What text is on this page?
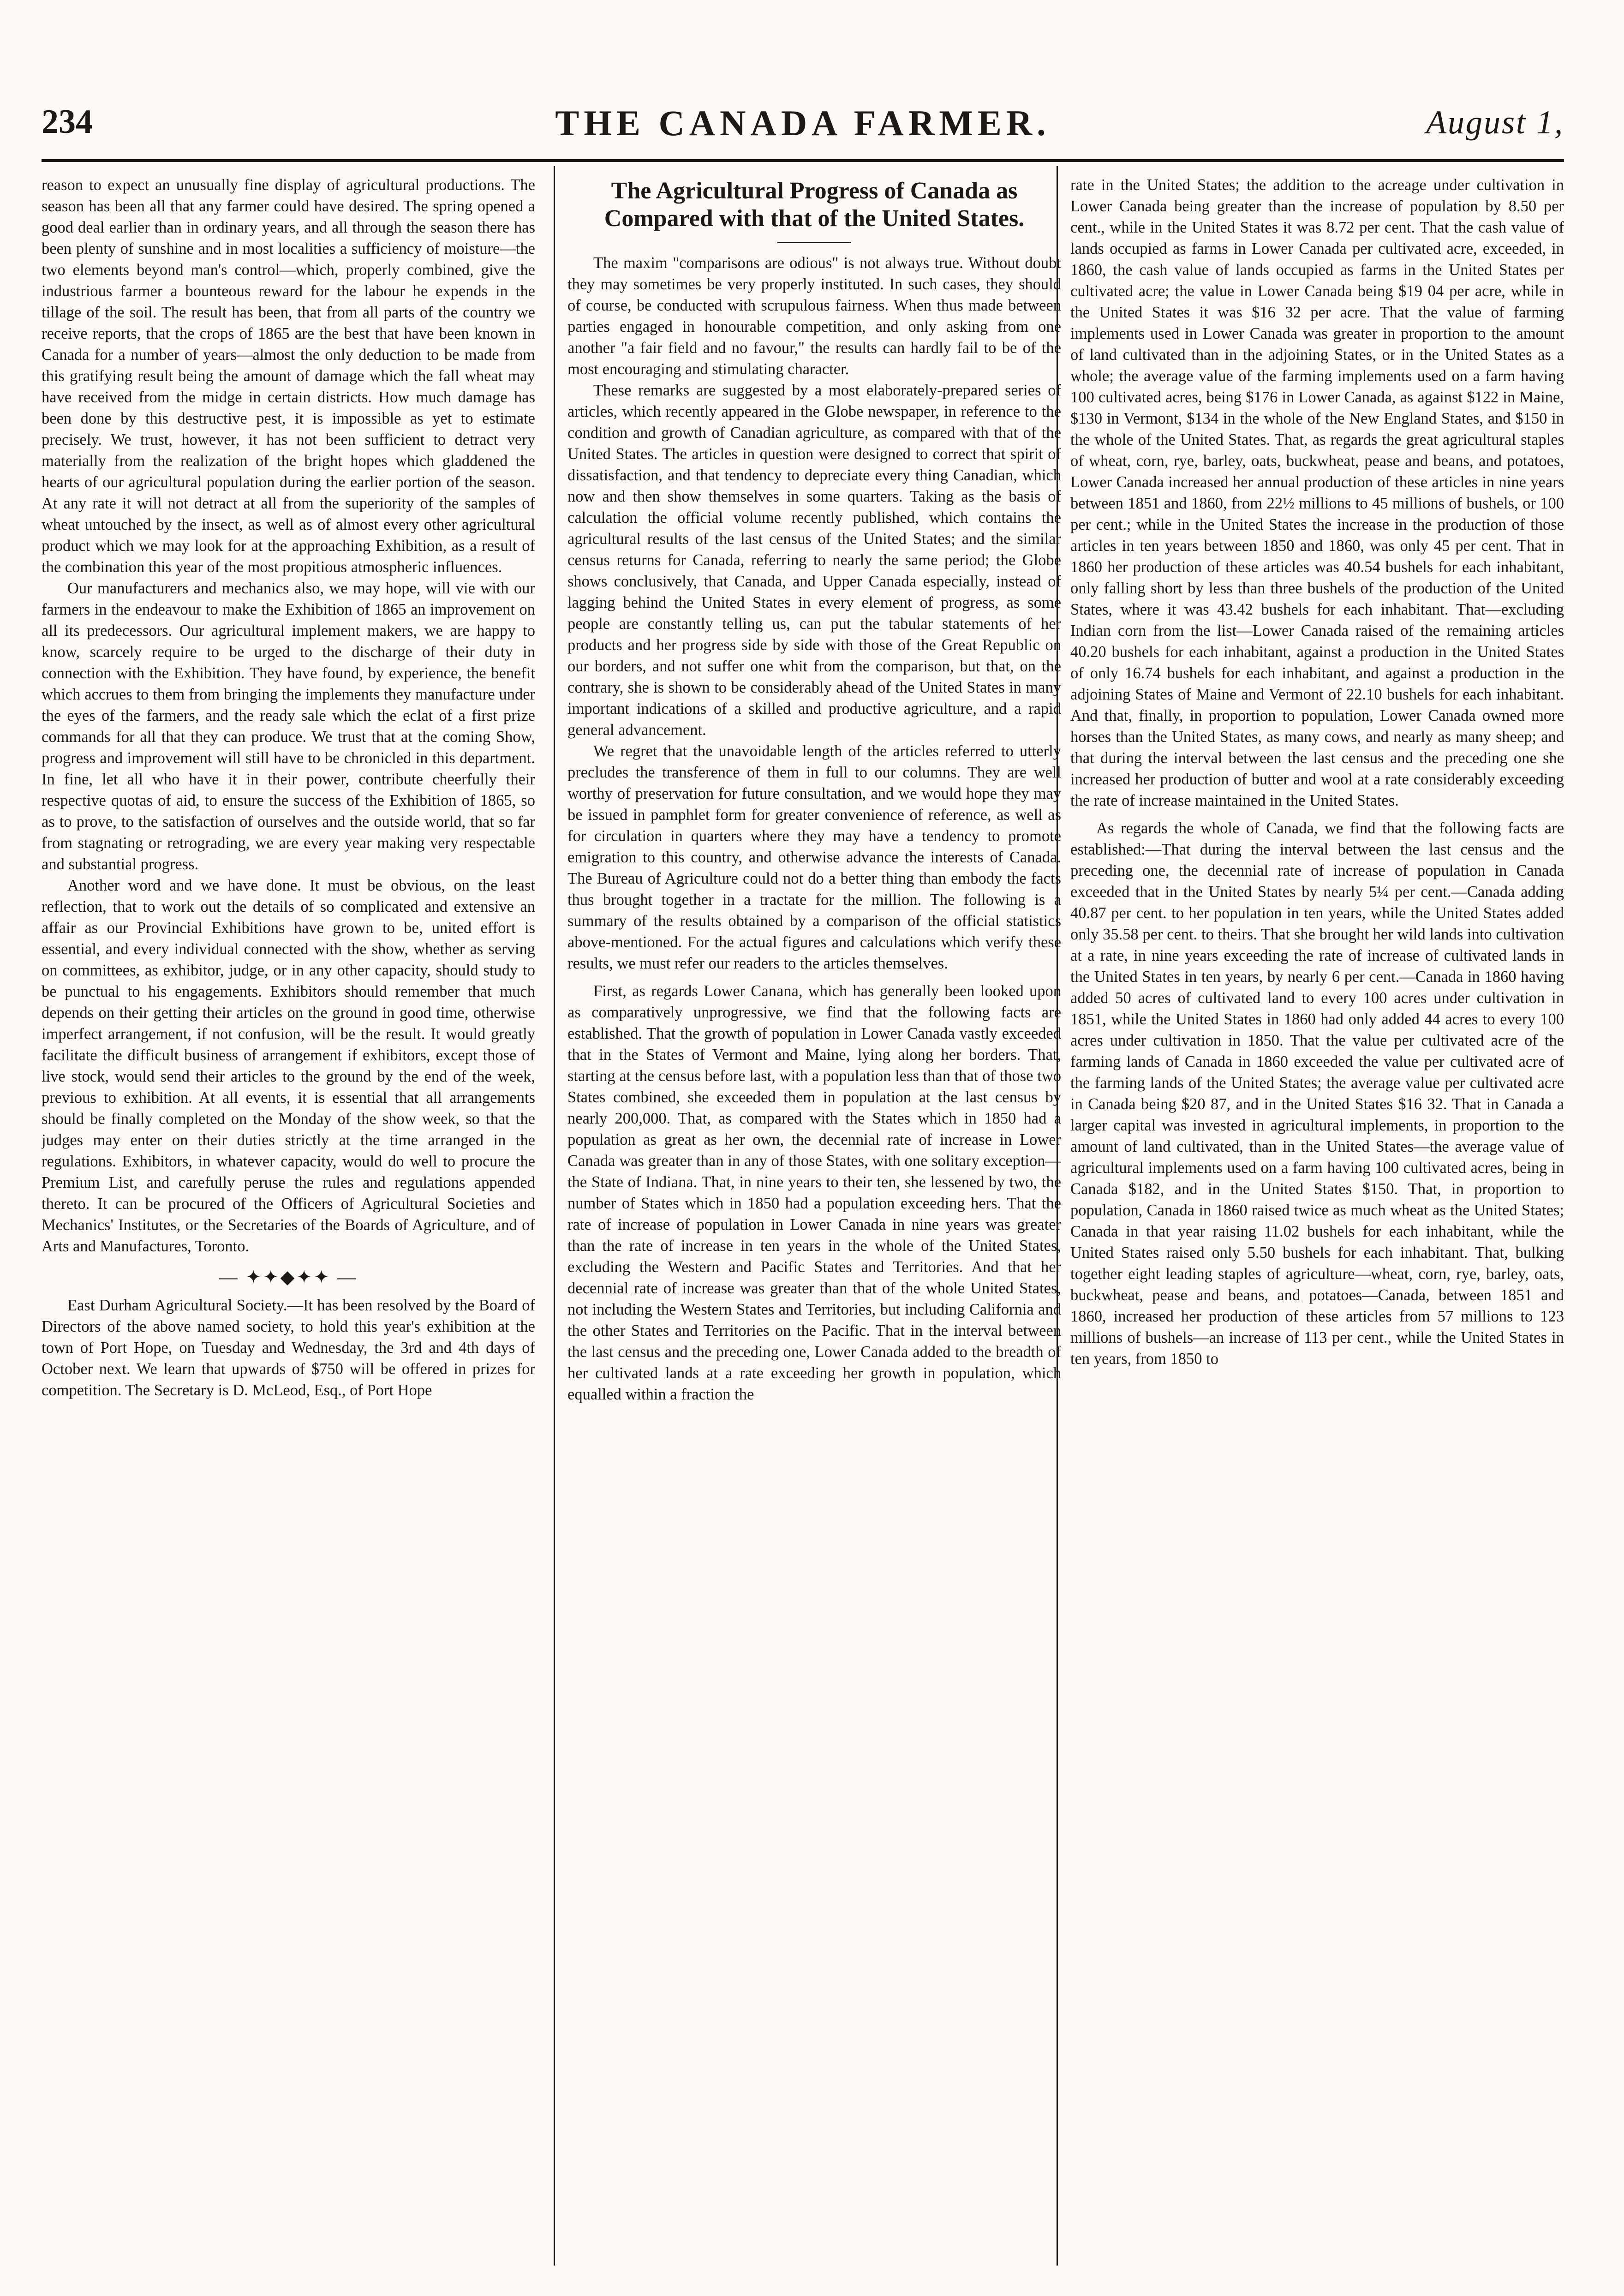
234	THE CANADA FARMER.	August 1,

reason to expect an unusually fine display of agricultural productions. The season has been all that any farmer could have desired. The spring opened a good deal earlier than in ordinary years, and all through the season there has been plenty of sunshine and in most localities a sufficiency of moisture—the two elements beyond man's control—which, properly combined, give the industrious farmer a bounteous reward for the labour he expends in the tillage of the soil. The result has been, that from all parts of the country we receive reports, that the crops of 1865 are the best that have been known in Canada for a number of years—almost the only deduction to be made from this gratifying result being the amount of damage which the fall wheat may have received from the midge in certain districts. How much damage has been done by this destructive pest, it is impossible as yet to estimate precisely. We trust, however, it has not been sufficient to detract very materially from the realization of the bright hopes which gladdened the hearts of our agricultural population during the earlier portion of the season. At any rate it will not detract at all from the superiority of the samples of wheat untouched by the insect, as well as of almost every other agricultural product which we may look for at the approaching Exhibition, as a result of the combination this year of the most propitious atmospheric influences.

Our manufacturers and mechanics also, we may hope, will vie with our farmers in the endeavour to make the Exhibition of 1865 an improvement on all its predecessors. Our agricultural implement makers, we are happy to know, scarcely require to be urged to the discharge of their duty in connection with the Exhibition. They have found, by experience, the benefit which accrues to them from bringing the implements they manufacture under the eyes of the farmers, and the ready sale which the eclat of a first prize commands for all that they can produce. We trust that at the coming Show, progress and improvement will still have to be chronicled in this department. In fine, let all who have it in their power, contribute cheerfully their respective quotas of aid, to ensure the success of the Exhibition of 1865, so as to prove, to the satisfaction of ourselves and the outside world, that so far from stagnating or retrograding, we are every year making very respectable and substantial progress.

Another word and we have done. It must be obvious, on the least reflection, that to work out the details of so complicated and extensive an affair as our Provincial Exhibitions have grown to be, united effort is essential, and every individual connected with the show, whether as serving on committees, as exhibitor, judge, or in any other capacity, should study to be punctual to his engagements. Exhibitors should remember that much depends on their getting their articles on the ground in good time, otherwise imperfect arrangement, if not confusion, will be the result. It would greatly facilitate the difficult business of arrangement if exhibitors, except those of live stock, would send their articles to the ground by the end of the week, previous to exhibition. At all events, it is essential that all arrangements should be finally completed on the Monday of the show week, so that the judges may enter on their duties strictly at the time arranged in the regulations. Exhibitors, in whatever capacity, would do well to procure the Premium List, and carefully peruse the rules and regulations appended thereto. It can be procured of the Officers of Agricultural Societies and Mechanics' Institutes, or the Secretaries of the Boards of Agriculture, and of Arts and Manufactures, Toronto.

— ✦✦◆✦✦ —

East Durham Agricultural Society.—It has been resolved by the Board of Directors of the above named society, to hold this year's exhibition at the town of Port Hope, on Tuesday and Wednesday, the 3rd and 4th days of October next. We learn that upwards of $750 will be offered in prizes for competition. The Secretary is D. McLeod, Esq., of Port Hope

The Agricultural Progress of Canada as Compared with that of the United States.

The maxim "comparisons are odious" is not always true. Without doubt they may sometimes be very properly instituted. In such cases, they should of course, be conducted with scrupulous fairness. When thus made between parties engaged in honourable competition, and only asking from one another "a fair field and no favour," the results can hardly fail to be of the most encouraging and stimulating character.

These remarks are suggested by a most elaborately-prepared series of articles, which recently appeared in the Globe newspaper, in reference to the condition and growth of Canadian agriculture, as compared with that of the United States. The articles in question were designed to correct that spirit of dissatisfaction, and that tendency to depreciate every thing Canadian, which now and then show themselves in some quarters. Taking as the basis of calculation the official volume recently published, which contains the agricultural results of the last census of the United States; and the similar census returns for Canada, referring to nearly the same period; the Globe shows conclusively, that Canada, and Upper Canada especially, instead of lagging behind the United States in every element of progress, as some people are constantly telling us, can put the tabular statements of her products and her progress side by side with those of the Great Republic on our borders, and not suffer one whit from the comparison, but that, on the contrary, she is shown to be considerably ahead of the United States in many important indications of a skilled and productive agriculture, and a rapid general advancement.

We regret that the unavoidable length of the articles referred to utterly precludes the transference of them in full to our columns. They are well worthy of preservation for future consultation, and we would hope they may be issued in pamphlet form for greater convenience of reference, as well as for circulation in quarters where they may have a tendency to promote emigration to this country, and otherwise advance the interests of Canada. The Bureau of Agriculture could not do a better thing than embody the facts thus brought together in a tractate for the million. The following is a summary of the results obtained by a comparison of the official statistics above-mentioned. For the actual figures and calculations which verify these results, we must refer our readers to the articles themselves.

First, as regards Lower Canana, which has generally been looked upon as comparatively unprogressive, we find that the following facts are established. That the growth of population in Lower Canada vastly exceeded that in the States of Vermont and Maine, lying along her borders. That, starting at the census before last, with a population less than that of those two States combined, she exceeded them in population at the last census by nearly 200,000. That, as compared with the States which in 1850 had a population as great as her own, the decennial rate of increase in Lower Canada was greater than in any of those States, with one solitary exception—the State of Indiana. That, in nine years to their ten, she lessened by two, the number of States which in 1850 had a population exceeding hers. That the rate of increase of population in Lower Canada in nine years was greater than the rate of increase in ten years in the whole of the United States, excluding the Western and Pacific States and Territories. And that her decennial rate of increase was greater than that of the whole United States, not including the Western States and Territories, but including California and the other States and Territories on the Pacific. That in the interval between the last census and the preceding one, Lower Canada added to the breadth of her cultivated lands at a rate exceeding her growth in population, which equalled within a fraction the

rate in the United States; the addition to the acreage under cultivation in Lower Canada being greater than the increase of population by 8.50 per cent., while in the United States it was 8.72 per cent. That the cash value of lands occupied as farms in Lower Canada per cultivated acre, exceeded, in 1860, the cash value of lands occupied as farms in the United States per cultivated acre; the value in Lower Canada being $19 04 per acre, while in the United States it was $16 32 per acre. That the value of farming implements used in Lower Canada was greater in proportion to the amount of land cultivated than in the adjoining States, or in the United States as a whole; the average value of the farming implements used on a farm having 100 cultivated acres, being $176 in Lower Canada, as against $122 in Maine, $130 in Vermont, $134 in the whole of the New England States, and $150 in the whole of the United States. That, as regards the great agricultural staples of wheat, corn, rye, barley, oats, buckwheat, pease and beans, and potatoes, Lower Canada increased her annual production of these articles in nine years between 1851 and 1860, from 22½ millions to 45 millions of bushels, or 100 per cent.; while in the United States the increase in the production of those articles in ten years between 1850 and 1860, was only 45 per cent. That in 1860 her production of these articles was 40.54 bushels for each inhabitant, only falling short by less than three bushels of the production of the United States, where it was 43.42 bushels for each inhabitant. That—excluding Indian corn from the list—Lower Canada raised of the remaining articles 40.20 bushels for each inhabitant, against a production in the United States of only 16.74 bushels for each inhabitant, and against a production in the adjoining States of Maine and Vermont of 22.10 bushels for each inhabitant. And that, finally, in proportion to population, Lower Canada owned more horses than the United States, as many cows, and nearly as many sheep; and that during the interval between the last census and the preceding one she increased her production of butter and wool at a rate considerably exceeding the rate of increase maintained in the United States.

As regards the whole of Canada, we find that the following facts are established:—That during the interval between the last census and the preceding one, the decennial rate of increase of population in Canada exceeded that in the United States by nearly 5¼ per cent.—Canada adding 40.87 per cent. to her population in ten years, while the United States added only 35.58 per cent. to theirs. That she brought her wild lands into cultivation at a rate, in nine years exceeding the rate of increase of cultivated lands in the United States in ten years, by nearly 6 per cent.—Canada in 1860 having added 50 acres of cultivated land to every 100 acres under cultivation in 1851, while the United States in 1860 had only added 44 acres to every 100 acres under cultivation in 1850. That the value per cultivated acre of the farming lands of Canada in 1860 exceeded the value per cultivated acre of the farming lands of the United States; the average value per cultivated acre in Canada being $20 87, and in the United States $16 32. That in Canada a larger capital was invested in agricultural implements, in proportion to the amount of land cultivated, than in the United States—the average value of agricultural implements used on a farm having 100 cultivated acres, being in Canada $182, and in the United States $150. That, in proportion to population, Canada in 1860 raised twice as much wheat as the United States; Canada in that year raising 11.02 bushels for each inhabitant, while the United States raised only 5.50 bushels for each inhabitant. That, bulking together eight leading staples of agriculture—wheat, corn, rye, barley, oats, buckwheat, pease and beans, and potatoes—Canada, between 1851 and 1860, increased her production of these articles from 57 millions to 123 millions of bushels—an increase of 113 per cent., while the United States in ten years, from 1850 to
